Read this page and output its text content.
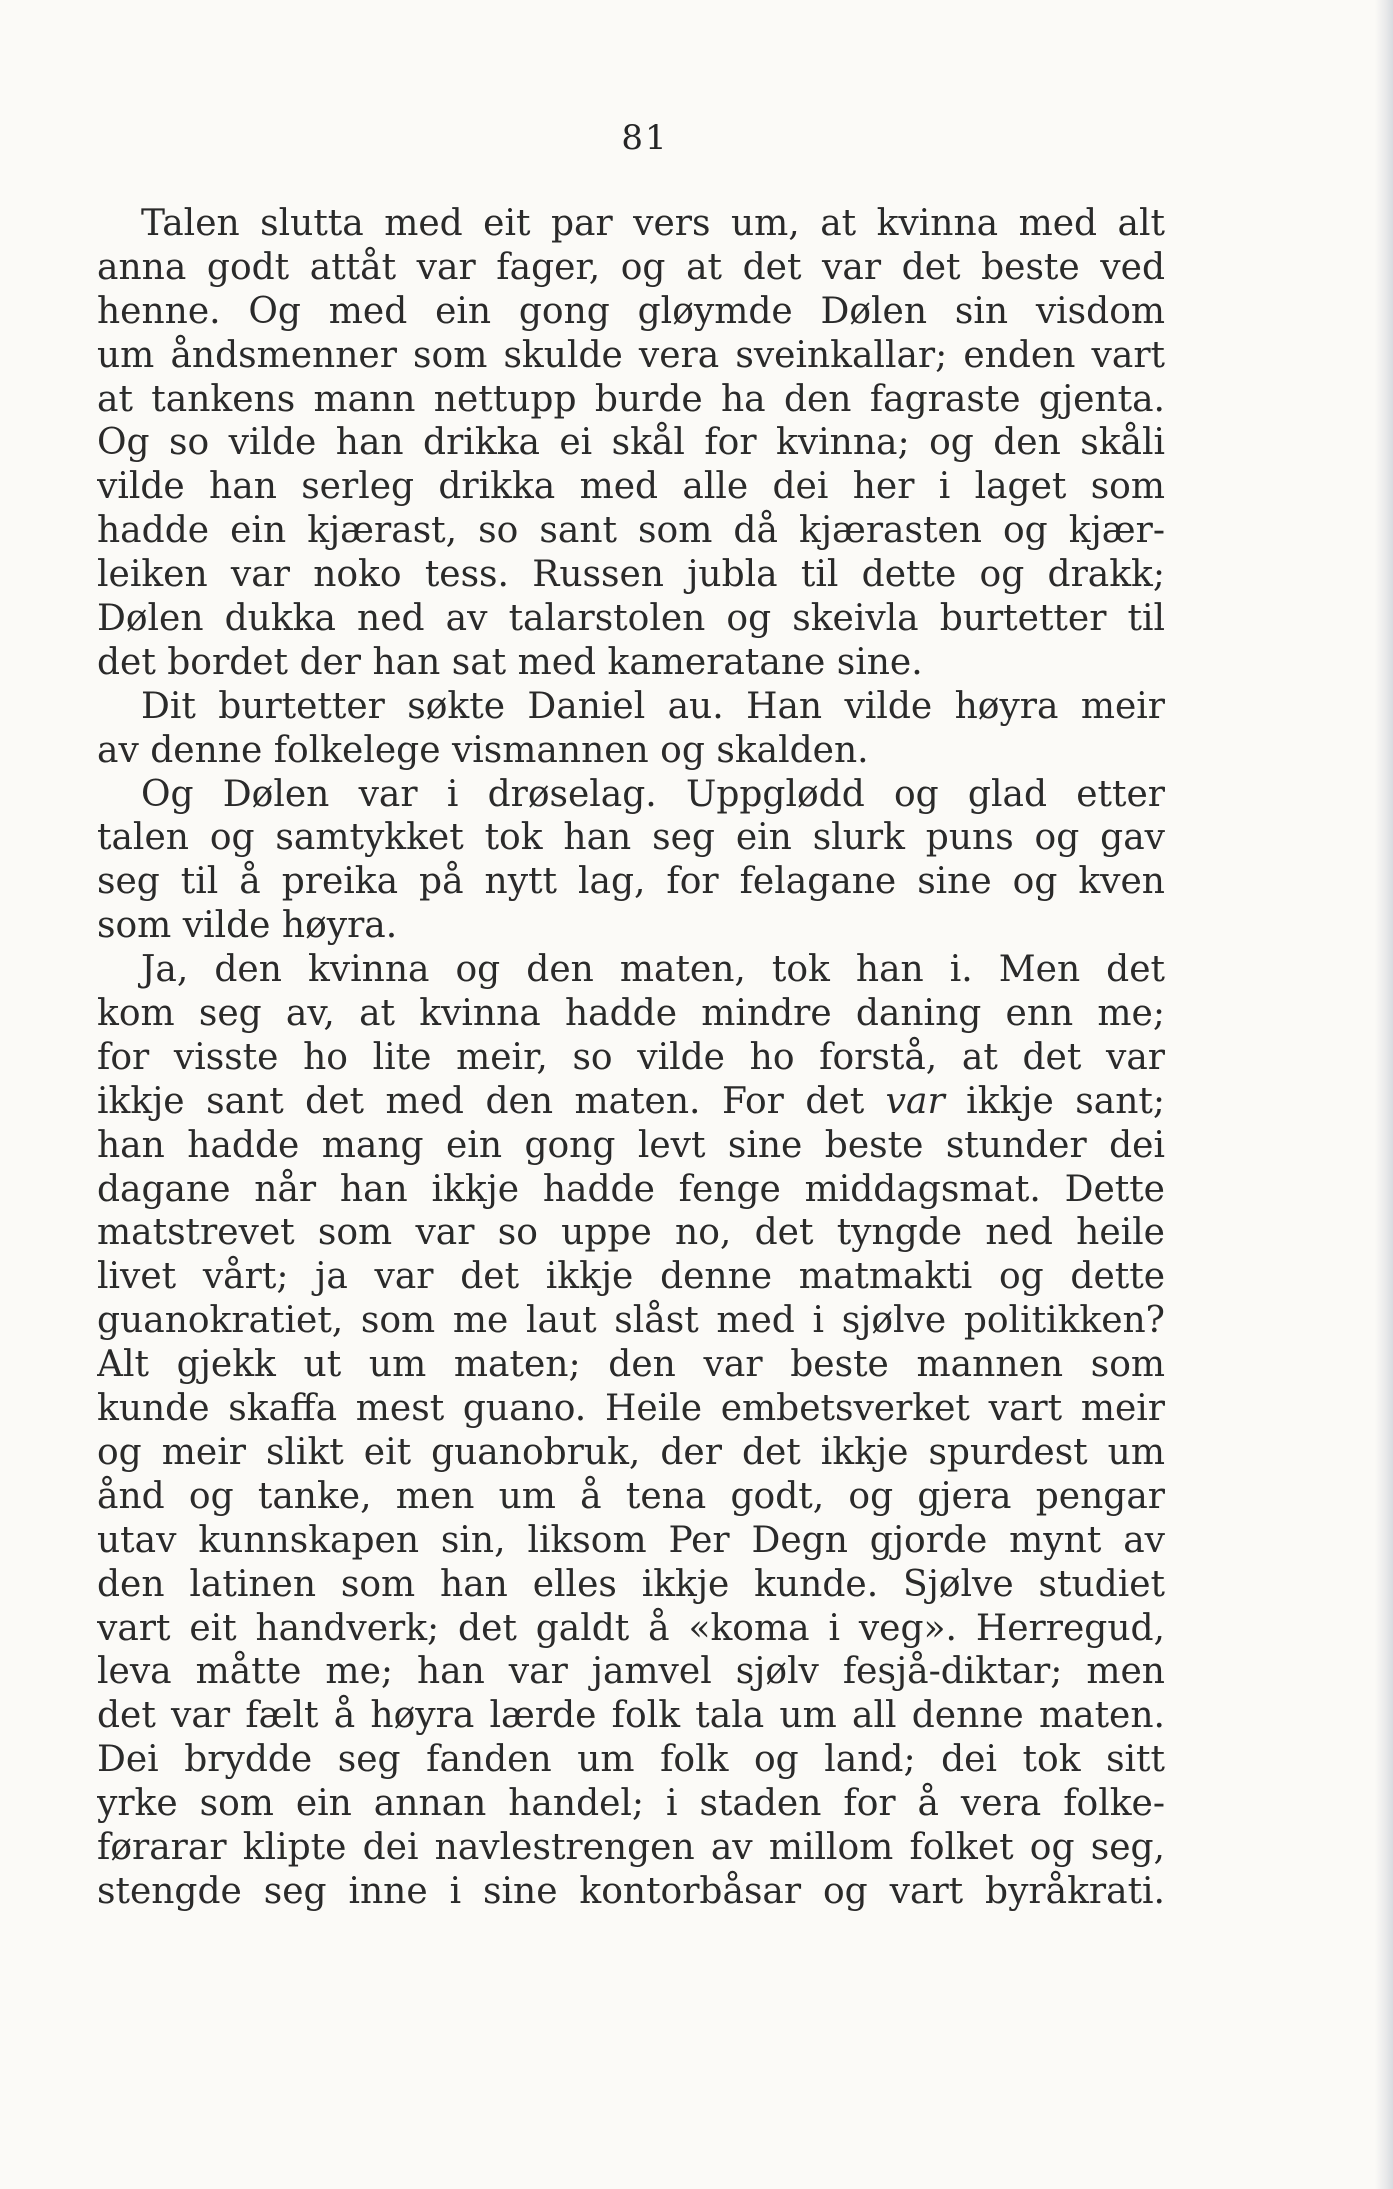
81
Talen slutta med eit par vers um, at kvinna med alt
anna godt attåt var fager, og at det var det beste ved
henne. Og med ein gong gløymde Dølen sin visdom
um åndsmenner som skulde vera sveinkallar; enden vart
at tankens mann nettupp burde ha den fagraste gjenta.
Og so vilde han drikka ei skål for kvinna; og den skåli
vilde han serleg drikka med alle dei her i laget som
hadde ein kjærast, so sant som då kjærasten og kjær-
leiken var noko tess. Russen jubla til dette og drakk;
Dølen dukka ned av talarstolen og skeivla burtetter til
det bordet der han sat med kameratane sine.
Dit burtetter søkte Daniel au. Han vilde høyra meir
av denne folkelege vismannen og skalden.
Og Dølen var i drøselag. Uppglødd og glad etter
talen og samtykket tok han seg ein slurk puns og gav
seg til å preika på nytt lag, for felagane sine og kven
som vilde høyra.
Ja, den kvinna og den maten, tok han i. Men det
kom seg av, at kvinna hadde mindre daning enn me;
for visste ho lite meir, so vilde ho forstå, at det var
ikkje sant det med den maten. For det var ikkje sant;
han hadde mang ein gong levt sine beste stunder dei
dagane når han ikkje hadde fenge middagsmat. Dette
matstrevet som var so uppe no, det tyngde ned heile
livet vårt; ja var det ikkje denne matmakti og dette
guanokratiet, som me laut slåst med i sjølve politikken?
Alt gjekk ut um maten; den var beste mannen som
kunde skaffa mest guano. Heile embetsverket vart meir
og meir slikt eit guanobruk, der det ikkje spurdest um
ånd og tanke, men um å tena godt, og gjera pengar
utav kunnskapen sin, liksom Per Degn gjorde mynt av
den latinen som han elles ikkje kunde. Sjølve studiet
vart eit handverk; det galdt å «koma i veg». Herregud,
leva måtte me; han var jamvel sjølv fesjå-diktar; men
det var fælt å høyra lærde folk tala um all denne maten.
Dei brydde seg fanden um folk og land; dei tok sitt
yrke som ein annan handel; i staden for å vera folke-
førarar klipte dei navlestrengen av millom folket og seg,
stengde seg inne i sine kontorbåsar og vart byråkrati.
